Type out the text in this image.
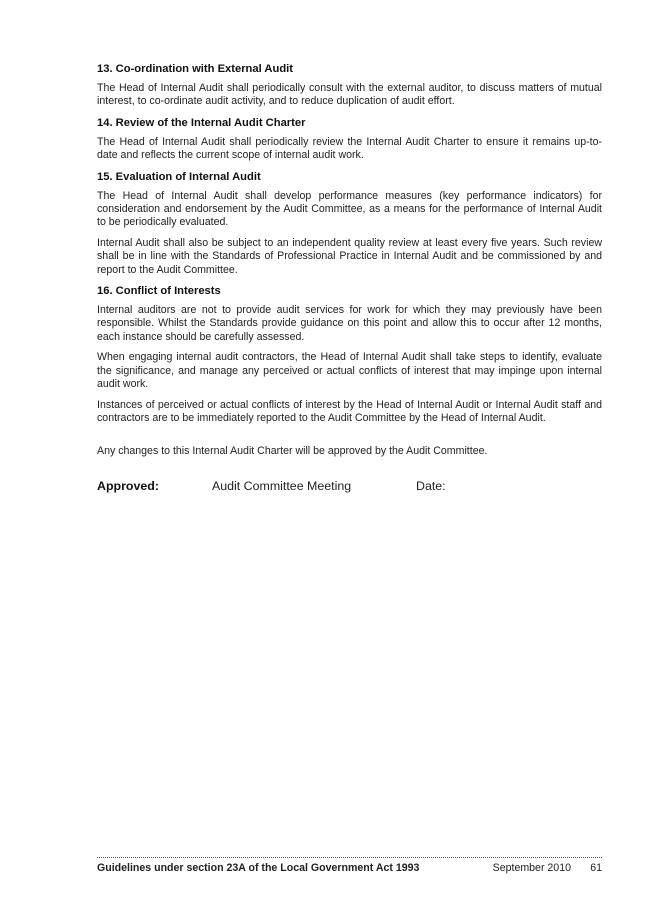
13. Co-ordination with External Audit

The Head of Internal Audit shall periodically consult with the external auditor, to discuss matters of mutual interest, to co-ordinate audit activity, and to reduce duplication of audit effort.

14. Review of the Internal Audit Charter

The Head of Internal Audit shall periodically review the Internal Audit Charter to ensure it remains up-to-date and reflects the current scope of internal audit work.

15. Evaluation of Internal Audit

The Head of Internal Audit shall develop performance measures (key performance indicators) for consideration and endorsement by the Audit Committee, as a means for the performance of Internal Audit to be periodically evaluated.

Internal Audit shall also be subject to an independent quality review at least every five years. Such review shall be in line with the Standards of Professional Practice in Internal Audit and be commissioned by and report to the Audit Committee.

16. Conflict of Interests

Internal auditors are not to provide audit services for work for which they may previously have been responsible. Whilst the Standards provide guidance on this point and allow this to occur after 12 months, each instance should be carefully assessed.

When engaging internal audit contractors, the Head of Internal Audit shall take steps to identify, evaluate the significance, and manage any perceived or actual conflicts of interest that may impinge upon internal audit work.

Instances of perceived or actual conflicts of interest by the Head of Internal Audit or Internal Audit staff and contractors are to be immediately reported to the Audit Committee by the Head of Internal Audit.

Any changes to this Internal Audit Charter will be approved by the Audit Committee.

Approved:	Audit Committee Meeting	Date:
Guidelines under section 23A of the Local Government Act 1993	September 2010 61
